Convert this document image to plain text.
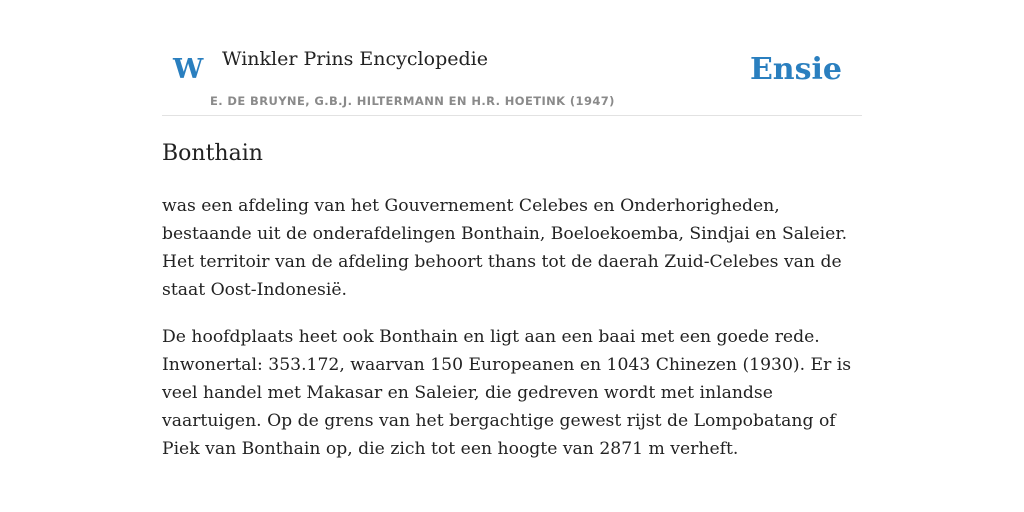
W Winkler Prins Encyclopedie
E. DE BRUYNE, G.B.J. HILTERMANN EN H.R. HOETINK (1947)
Ensie
Bonthain

was een afdeling van het Gouvernement Celebes en Onderhorigheden, bestaande uit de onderafdelingen Bonthain, Boeloekoemba, Sindjai en Saleier. Het territoir van de afdeling behoort thans tot de daerah Zuid-Celebes van de staat Oost-Indonesië.

De hoofdplaats heet ook Bonthain en ligt aan een baai met een goede rede. Inwonertal: 353.172, waarvan 150 Europeanen en 1043 Chinezen (1930). Er is veel handel met Makasar en Saleier, die gedreven wordt met inlandse vaartuigen. Op de grens van het bergachtige gewest rijst de Lompobatang of Piek van Bonthain op, die zich tot een hoogte van 2871 m verheft.
